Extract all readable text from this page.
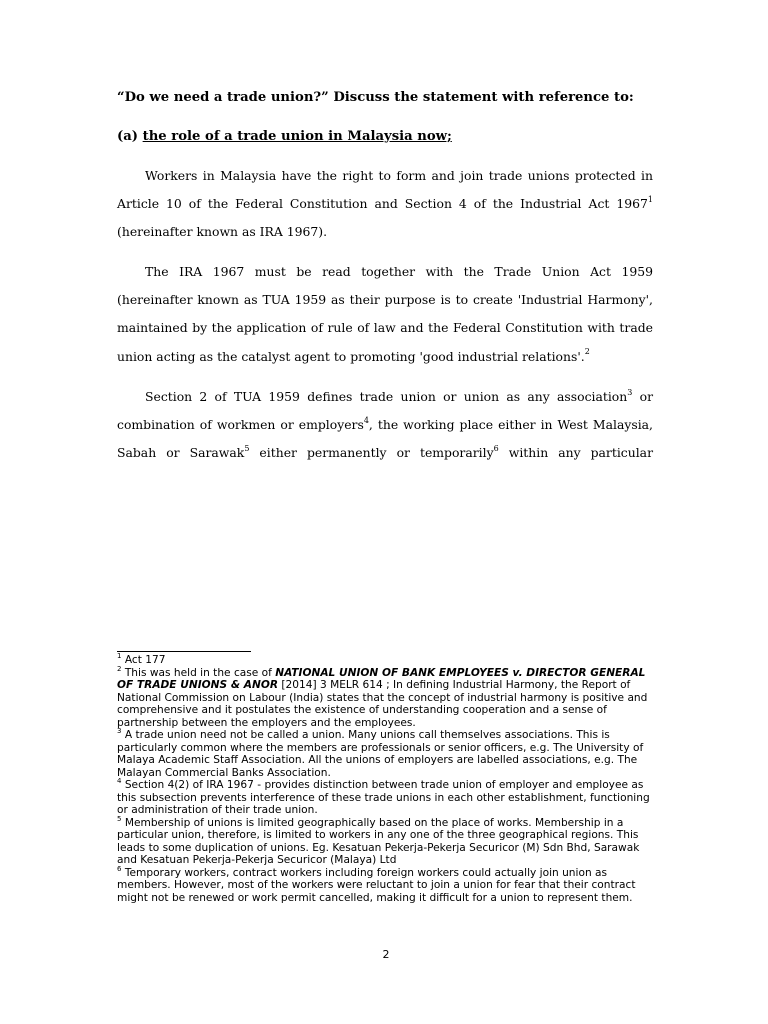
“Do we need a trade union?” Discuss the statement with reference to:
(a) the role of a trade union in Malaysia now;

Workers in Malaysia have the right to form and join trade unions protected in Article 10 of the Federal Constitution and Section 4 of the Industrial Act 1967$^1$ (hereinafter known as IRA 1967).

The IRA 1967 must be read together with the Trade Union Act 1959 (hereinafter known as TUA 1959 as their purpose is to create 'Industrial Harmony', maintained by the application of rule of law and the Federal Constitution with trade union acting as the catalyst agent to promoting 'good industrial relations'.$^2$

Section 2 of TUA 1959 defines trade union or union as any association$^3$ or combination of workmen or employers$^4$, the working place either in West Malaysia, Sabah or Sarawak$^5$ either permanently or temporarily$^6$ within any particular

$^1$ Act 177

$^2$ This was held in the case of NATIONAL UNION OF BANK EMPLOYEES v. DIRECTOR GENERAL OF TRADE UNIONS & ANOR [2014] 3 MELR 614 ; In defining Industrial Harmony, the Report of National Commission on Labour (India) states that the concept of industrial harmony is positive and comprehensive and it postulates the existence of understanding cooperation and a sense of partnership between the employers and the employees.

$^3$ A trade union need not be called a union. Many unions call themselves associations. This is particularly common where the members are professionals or senior officers, e.g. The University of Malaya Academic Staff Association. All the unions of employers are labelled associations, e.g. The Malayan Commercial Banks Association.

$^4$ Section 4(2) of IRA 1967 - provides distinction between trade union of employer and employee as this subsection prevents interference of these trade unions in each other establishment, functioning or administration of their trade union.

$^5$ Membership of unions is limited geographically based on the place of works. Membership in a particular union, therefore, is limited to workers in any one of the three geographical regions. This leads to some duplication of unions. Eg. Kesatuan Pekerja-Pekerja Securicor (M) Sdn Bhd, Sarawak and Kesatuan Pekerja-Pekerja Securicor (Malaya) Ltd

$^6$ Temporary workers, contract workers including foreign workers could actually join union as members. However, most of the workers were reluctant to join a union for fear that their contract might not be renewed or work permit cancelled, making it difficult for a union to represent them.

2
